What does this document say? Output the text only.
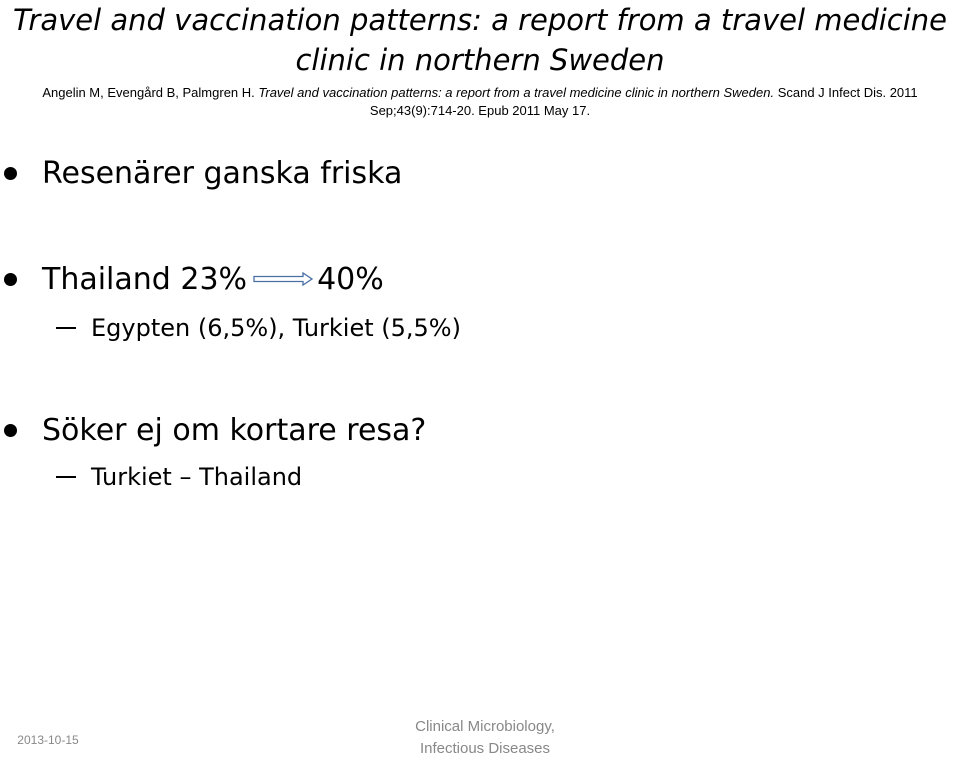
Travel and vaccination patterns: a report from a travel medicine
clinic in northern Sweden

Angelin M, Evengård B, Palmgren H. Travel and vaccination patterns: a report from a travel medicine clinic in northern Sweden. Scand J Infect Dis. 2011
Sep;43(9):714-20. Epub 2011 May 17.

Resenärer ganska friska
Thailand 23% 40%
Egypten (6,5%), Turkiet (5,5%)
Söker ej om kortare resa?
Turkiet – Thailand
2013-10-15
Clinical Microbiology,
Infectious Diseases
